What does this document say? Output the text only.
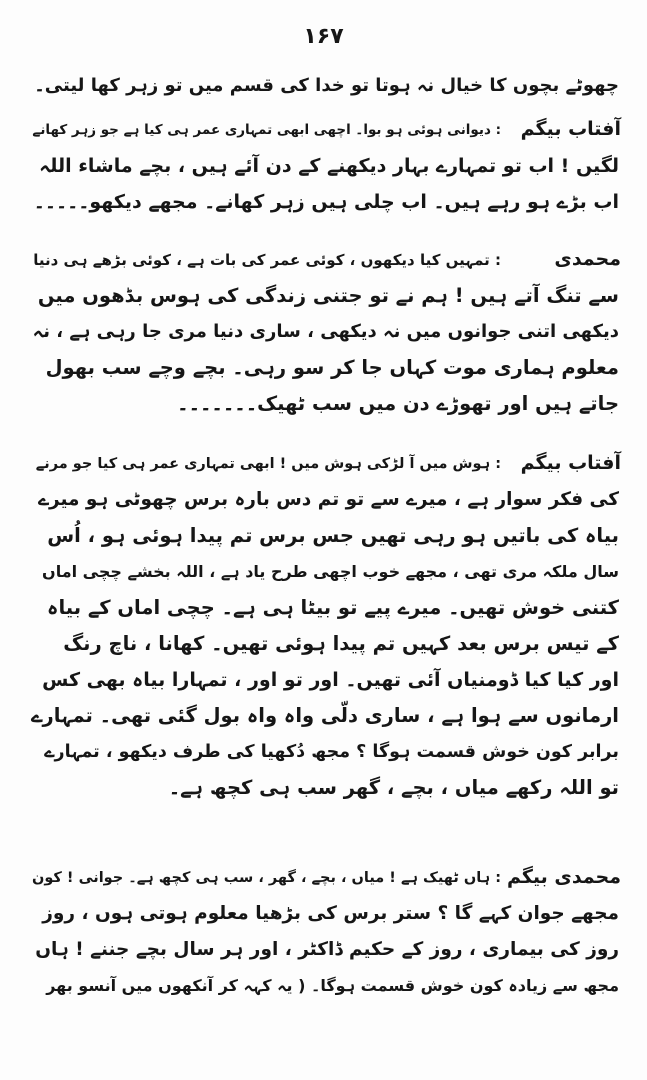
۱۶۷
چھوٹے بچوں کا خیال نہ ہوتا تو خدا کی قسم میں تو زہر کھا لیتی۔
آفتاب بیگم
: دیوانی ہوئی ہو بوا۔ اچھی ابھی تمہاری عمر ہی کیا ہے جو زہر کھانے
لگیں ! اب تو تمہارے بہار دیکھنے کے دن آئے ہیں ، بچے ماشاء اللہ
اب بڑے ہو رہے ہیں۔ اب چلی ہیں زہر کھانے۔ مجھے دیکھو۔۔۔۔۔
محمدی
: تمہیں کیا دیکھوں ، کوئی عمر کی بات ہے ، کوئی بڑھے ہی دنیا
سے تنگ آتے ہیں ! ہم نے تو جتنی زندگی کی ہوس بڈھوں میں
دیکھی اتنی جوانوں میں نہ دیکھی ، ساری دنیا مری جا رہی ہے ، نہ
معلوم ہماری موت کہاں جا کر سو رہی۔ بچے وچے سب بھول
جاتے ہیں اور تھوڑے دن میں سب ٹھیک۔۔۔۔۔۔۔
آفتاب بیگم
: ہوش میں آ لڑکی ہوش میں ! ابھی تمہاری عمر ہی کیا جو مرنے
کی فکر سوار ہے ، میرے سے تو تم دس بارہ برس چھوٹی ہو میرے
بیاہ کی باتیں ہو رہی تھیں جس برس تم پیدا ہوئی ہو ، اُس
سال ملکہ مری تھی ، مجھے خوب اچھی طرح یاد ہے ، اللہ بخشے چچی اماں
کتنی خوش تھیں۔ میرے پیے تو بیٹا ہی ہے۔ چچی اماں کے بیاہ
کے تیس برس بعد کہیں تم پیدا ہوئی تھیں۔ کھانا ، ناچ رنگ
اور کیا کیا ڈومنیاں آئی تھیں۔ اور تو اور ، تمہارا بیاہ بھی کس
ارمانوں سے ہوا ہے ، ساری دلّی واہ واہ بول گئی تھی۔ تمہارے
برابر کون خوش قسمت ہوگا ؟ مجھ دُکھیا کی طرف دیکھو ، تمہارے
تو اللہ رکھے میاں ، بچے ، گھر سب ہی کچھ ہے۔
محمدی بیگم
: ہاں ٹھیک ہے ! میاں ، بچے ، گھر ، سب ہی کچھ ہے۔ جوانی ! کون
مجھے جوان کہے گا ؟ ستر برس کی بڑھیا معلوم ہوتی ہوں ، روز
روز کی بیماری ، روز کے حکیم ڈاکٹر ، اور ہر سال بچے جننے ! ہاں
مجھ سے زیادہ کون خوش قسمت ہوگا۔ ( یہ کہہ کر آنکھوں میں آنسو بھر
